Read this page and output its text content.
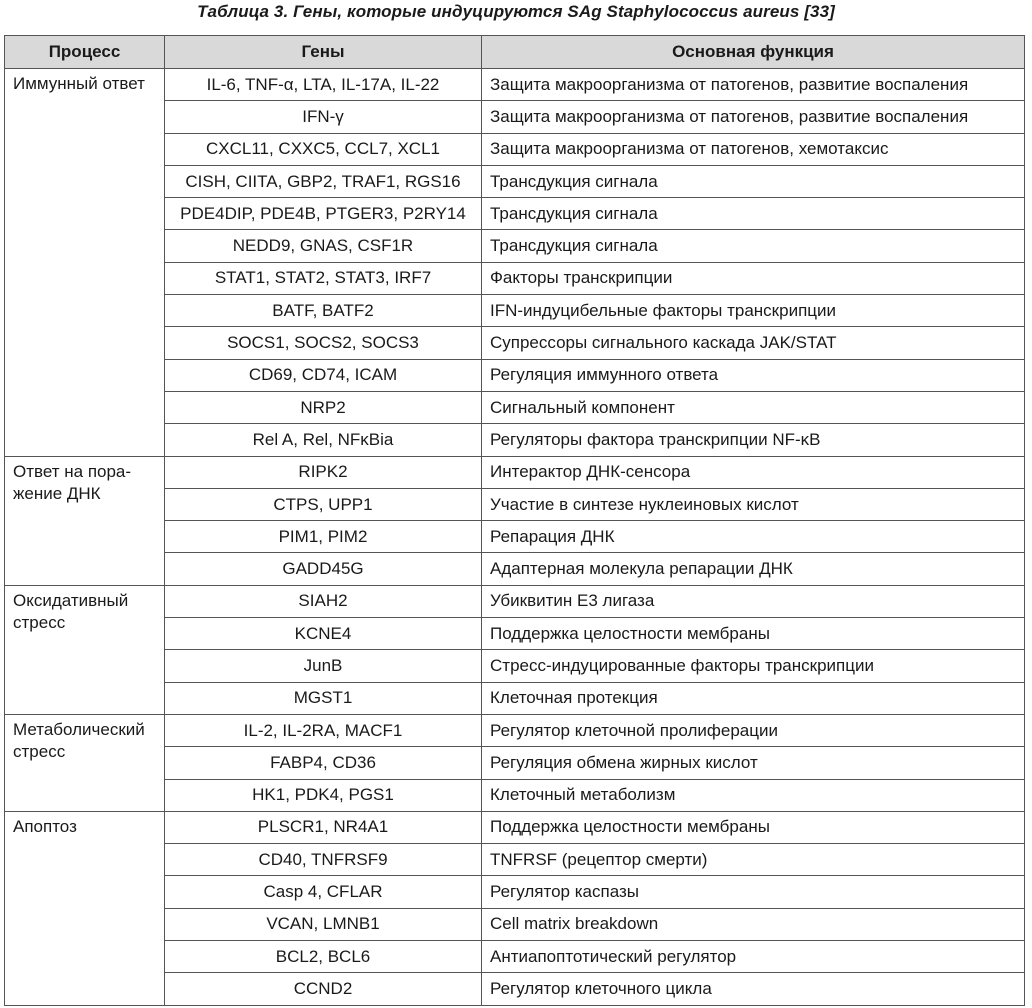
Таблица 3. Гены, которые индуцируются SAg Staphylococcus aureus [33]
Процесс	Гены	Основная функция

Иммунный ответ	IL-6, TNF-α, LTA, IL-17A, IL-22	Защита макроорганизма от патогенов, развитие воспаления
	IFN-γ	Защита макроорганизма от патогенов, развитие воспаления
	CXCL11, CXXC5, CCL7, XCL1	Защита макроорганизма от патогенов, хемотаксис
	CISH, CIITA, GBP2, TRAF1, RGS16	Трансдукция сигнала
	PDE4DIP, PDE4B, PTGER3, P2RY14	Трансдукция сигнала
	NEDD9, GNAS, CSF1R	Трансдукция сигнала
	STAT1, STAT2, STAT3, IRF7	Факторы транскрипции
	BATF, BATF2	IFN-индуцибельные факторы транскрипции
	SOCS1, SOCS2, SOCS3	Супрессоры сигнального каскада JAK/STAT
	CD69, CD74, ICAM	Регуляция иммунного ответа
	NRP2	Сигнальный компонент
	Rel A, Rel, NFκBia	Регуляторы фактора транскрипции NF-κB

Ответ на пора-
жение ДНК	RIPK2	Интерактор ДНК-сенсора
	CTPS, UPP1	Участие в синтезе нуклеиновых кислот
	PIM1, PIM2	Репарация ДНК
	GADD45G	Адаптерная молекула репарации ДНК

Оксидативный
стресс	SIAH2	Убиквитин Е3 лигаза
	KCNE4	Поддержка целостности мембраны
	JunB	Стресс-индуцированные факторы транскрипции
	MGST1	Клеточная протекция

Метаболический
стресс	IL-2, IL-2RA, MACF1	Регулятор клеточной пролиферации
	FABP4, CD36	Регуляция обмена жирных кислот
	HK1, PDK4, PGS1	Клеточный метаболизм

Апоптоз	PLSCR1, NR4A1	Поддержка целостности мембраны
	CD40, TNFRSF9	TNFRSF (рецептор смерти)
	Casp 4, CFLAR	Регулятор каспазы
	VCAN, LMNB1	Cell matrix breakdown
	BCL2, BCL6	Антиапоптотический регулятор
	CCND2	Регулятор клеточного цикла
